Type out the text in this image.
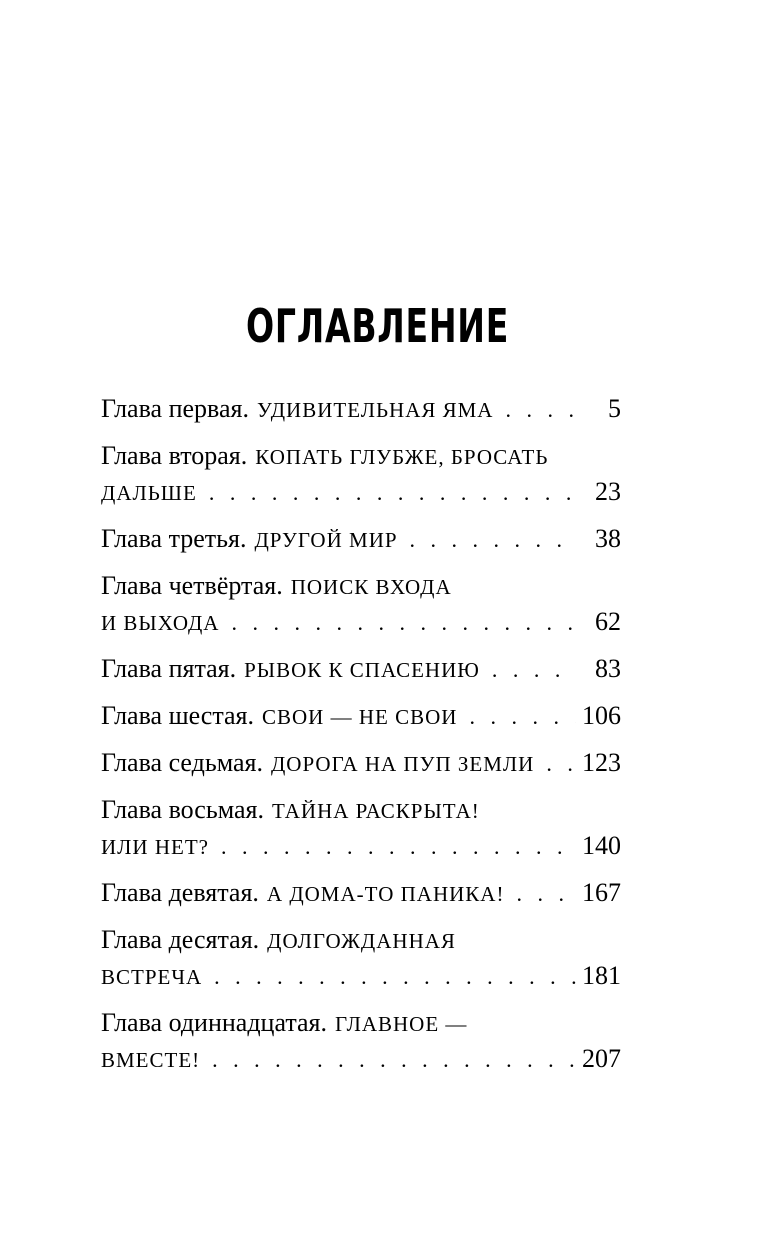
ОГЛАВЛЕНИЕ
Глава первая. УДИВИТЕЛЬНАЯ ЯМА . . .	5
Глава вторая. КОПАТЬ ГЛУБЖЕ, БРОСАТЬ
ДАЛЬШЕ . . .	23
Глава третья. ДРУГОЙ МИР . . .	38
Глава четвёртая. ПОИСК ВХОДА
И ВЫХОДА . . .	62
Глава пятая. РЫВОК К СПАСЕНИЮ . . .	83
Глава шестая. СВОИ — НЕ СВОИ . . .	106
Глава седьмая. ДОРОГА НА ПУП ЗЕМЛИ . . . 123
Глава восьмая. ТАЙНА РАСКРЫТА!
ИЛИ НЕТ? . . .	140
Глава девятая. А ДОМА-ТО ПАНИКА! . . .	167
Глава десятая. ДОЛГОЖДАННАЯ
ВСТРЕЧА . . .	181
Глава одиннадцатая. ГЛАВНОЕ —
ВМЕСТЕ! . . .	207
